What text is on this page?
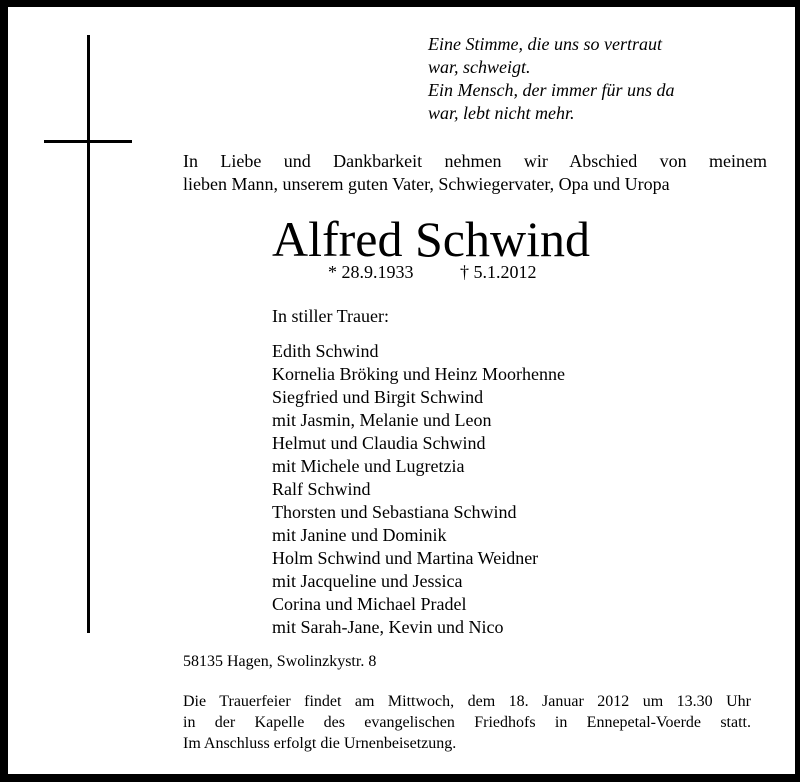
Eine Stimme, die uns so vertraut
war, schweigt.
Ein Mensch, der immer für uns da
war, lebt nicht mehr.
In Liebe und Dankbarkeit nehmen wir Abschied von meinem
lieben Mann, unserem guten Vater, Schwiegervater, Opa und Uropa
Alfred Schwind
* 28.9.1933	† 5.1.2012
In stiller Trauer:
Edith Schwind
Kornelia Bröking und Heinz Moorhenne
Siegfried und Birgit Schwind
mit Jasmin, Melanie und Leon
Helmut und Claudia Schwind
mit Michele und Lugretzia
Ralf Schwind
Thorsten und Sebastiana Schwind
mit Janine und Dominik
Holm Schwind und Martina Weidner
mit Jacqueline und Jessica
Corina und Michael Pradel
mit Sarah-Jane, Kevin und Nico
58135 Hagen, Swolinzkystr. 8
Die Trauerfeier findet am Mittwoch, dem 18. Januar 2012 um 13.30 Uhr
in der Kapelle des evangelischen Friedhofs in Ennepetal-Voerde statt.
Im Anschluss erfolgt die Urnenbeisetzung.
